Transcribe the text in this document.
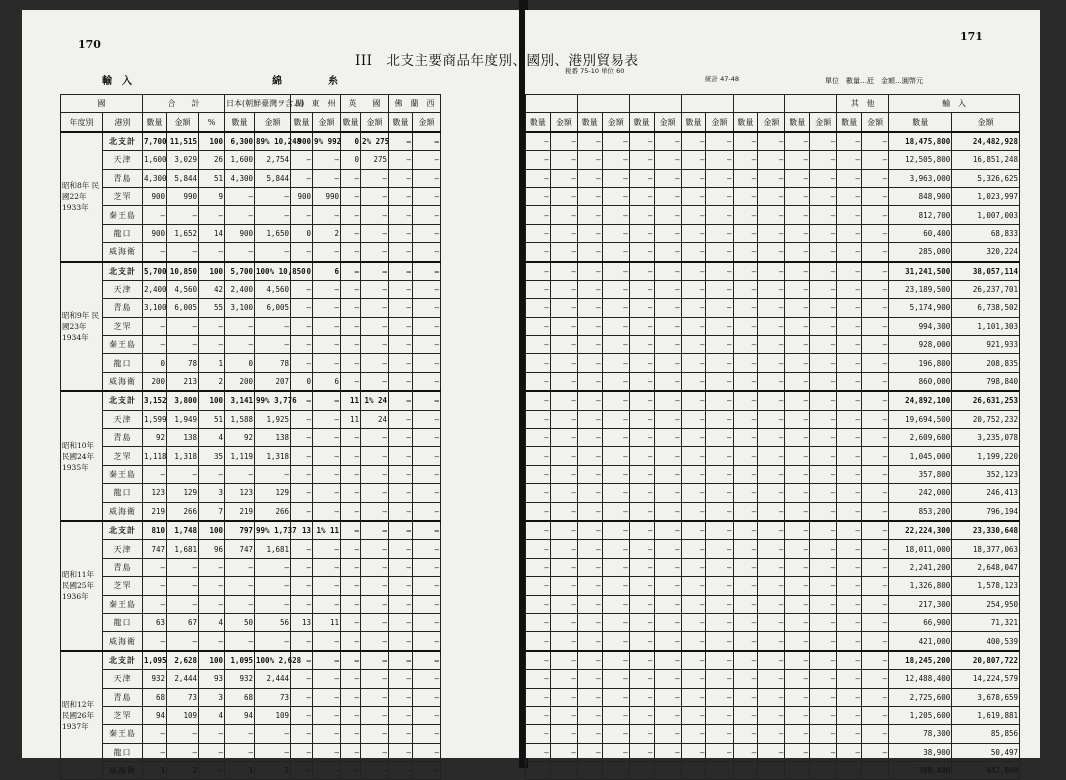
170
輸　入	綿　　　糸
國		合　　計			日本(朝鮮臺灣ヲ含ム)		關　東　州		英　　國		佛　蘭　西	
年度別	港別	數量	金額	%	數量	金額	數量	金額	數量	金額	數量	金額
昭和8年 民國22年 1933年	北支計	7,700	11,515	100	6,300	89% 10,248	900	9% 992	0	2% 275	—	—
	天津	1,600	3,029	26	1,600	2,754	—	—	0	275	—	—
	青島	4,300	5,844	51	4,300	5,844	—	—	—	—	—	—
	芝罘	900	990	9	—	—	900	990	—	—	—	—
	秦王島	—	—	—	—	—	—	—	—	—	—	—
	龍口	900	1,652	14	900	1,650	0	2	—	—	—	—
	威海衛	—	—	—	—	—	—	—	—	—	—	—
昭和9年 民國23年 1934年	北支計	5,700	10,850	100	5,700	100% 10,850	0	6	—	—	—	—
	天津	2,400	4,560	42	2,400	4,560	—	—	—	—	—	—
	青島	3,100	6,005	55	3,100	6,005	—	—	—	—	—	—
	芝罘	—	—	—	—	—	—	—	—	—	—	—
	秦王島	—	—	—	—	—	—	—	—	—	—	—
	龍口	0	78	1	0	78	—	—	—	—	—	—
	威海衛	200	213	2	200	207	0	6	—	—	—	—
昭和10年 民國24年 1935年	北支計	3,152	3,800	100	3,141	99% 3,776	—	—	11	1% 24	—	—
	天津	1,599	1,949	51	1,588	1,925	—	—	11	24	—	—
	青島	92	138	4	92	138	—	—	—	—	—	—
	芝罘	1,118	1,318	35	1,119	1,318	—	—	—	—	—	—
	秦王島	—	—	—	—	—	—	—	—	—	—	—
	龍口	123	129	3	123	129	—	—	—	—	—	—
	威海衛	219	266	7	219	266	—	—	—	—	—	—
昭和11年 民國25年 1936年	北支計	810	1,748	100	797	99% 1,737	13	1% 11	—	—	—	—
	天津	747	1,681	96	747	1,681	—	—	—	—	—	—
	青島	—	—	—	—	—	—	—	—	—	—	—
	芝罘	—	—	—	—	—	—	—	—	—	—	—
	秦王島	—	—	—	—	—	—	—	—	—	—	—
	龍口	63	67	4	50	56	13	11	—	—	—	—
	威海衛	—	—	—	—	—	—	—	—	—	—	—
昭和12年 民國26年 1937年	北支計	1,095	2,628	100	1,095	100% 2,628	—	—	—	—	—	—
	天津	932	2,444	93	932	2,444	—	—	—	—	—	—
	青島	68	73	3	68	73	—	—	—	—	—	—
	芝罘	94	109	4	94	109	—	—	—	—	—	—
	秦王島	—	—	—	—	—	—	—	—	—	—	—
	龍口	—	—	—	—	—	—	—	—	—	—	—
	威海衛	1	2	—	1	2	—	—	—	—	—	—
171
税番 75-10 単位 60
統計 47-48	單位　數量…瓩　金額…圓幣元
												其　他		輸　入	
數量	金額	數量	金額	數量	金額	數量	金額	數量	金額	數量	金額	數量	金額	數量	金額
—	—	—	—	—	—	—	—	—	—	—	—	—	—	18,475,800	24,482,928
—	—	—	—	—	—	—	—	—	—	—	—	—	—	12,505,800	16,851,248
—	—	—	—	—	—	—	—	—	—	—	—	—	—	3,963,000	5,326,625
—	—	—	—	—	—	—	—	—	—	—	—	—	—	848,900	1,023,997
—	—	—	—	—	—	—	—	—	—	—	—	—	—	812,700	1,007,003
—	—	—	—	—	—	—	—	—	—	—	—	—	—	60,400	68,833
—	—	—	—	—	—	—	—	—	—	—	—	—	—	285,000	320,224
—	—	—	—	—	—	—	—	—	—	—	—	—	—	31,241,500	38,057,114
—	—	—	—	—	—	—	—	—	—	—	—	—	—	23,189,500	26,237,701
—	—	—	—	—	—	—	—	—	—	—	—	—	—	5,174,900	6,738,502
—	—	—	—	—	—	—	—	—	—	—	—	—	—	994,300	1,101,303
—	—	—	—	—	—	—	—	—	—	—	—	—	—	928,000	921,933
—	—	—	—	—	—	—	—	—	—	—	—	—	—	196,800	208,835
—	—	—	—	—	—	—	—	—	—	—	—	—	—	860,000	798,840
—	—	—	—	—	—	—	—	—	—	—	—	—	—	24,892,100	26,631,253
—	—	—	—	—	—	—	—	—	—	—	—	—	—	19,694,500	20,752,232
—	—	—	—	—	—	—	—	—	—	—	—	—	—	2,609,600	3,235,078
—	—	—	—	—	—	—	—	—	—	—	—	—	—	1,045,000	1,199,220
—	—	—	—	—	—	—	—	—	—	—	—	—	—	357,800	352,123
—	—	—	—	—	—	—	—	—	—	—	—	—	—	242,000	246,413
—	—	—	—	—	—	—	—	—	—	—	—	—	—	853,200	796,194
—	—	—	—	—	—	—	—	—	—	—	—	—	—	22,224,300	23,330,648
—	—	—	—	—	—	—	—	—	—	—	—	—	—	18,011,000	18,377,063
—	—	—	—	—	—	—	—	—	—	—	—	—	—	2,241,200	2,648,047
—	—	—	—	—	—	—	—	—	—	—	—	—	—	1,326,800	1,578,123
—	—	—	—	—	—	—	—	—	—	—	—	—	—	217,300	254,950
—	—	—	—	—	—	—	—	—	—	—	—	—	—	66,900	71,321
—	—	—	—	—	—	—	—	—	—	—	—	—	—	421,000	400,539
—	—	—	—	—	—	—	—	—	—	—	—	—	—	18,245,200	20,807,722
—	—	—	—	—	—	—	—	—	—	—	—	—	—	12,488,400	14,224,579
—	—	—	—	—	—	—	—	—	—	—	—	—	—	2,725,600	3,678,659
—	—	—	—	—	—	—	—	—	—	—	—	—	—	1,205,600	1,619,881
—	—	—	—	—	—	—	—	—	—	—	—	—	—	78,300	85,856
—	—	—	—	—	—	—	—	—	—	—	—	—	—	38,900	50,497
—	—	—	—	—	—	—	—	—	—	—	—	—	—	308,400	447,040
III　北支主要商品年度別、國別、港別貿易表
